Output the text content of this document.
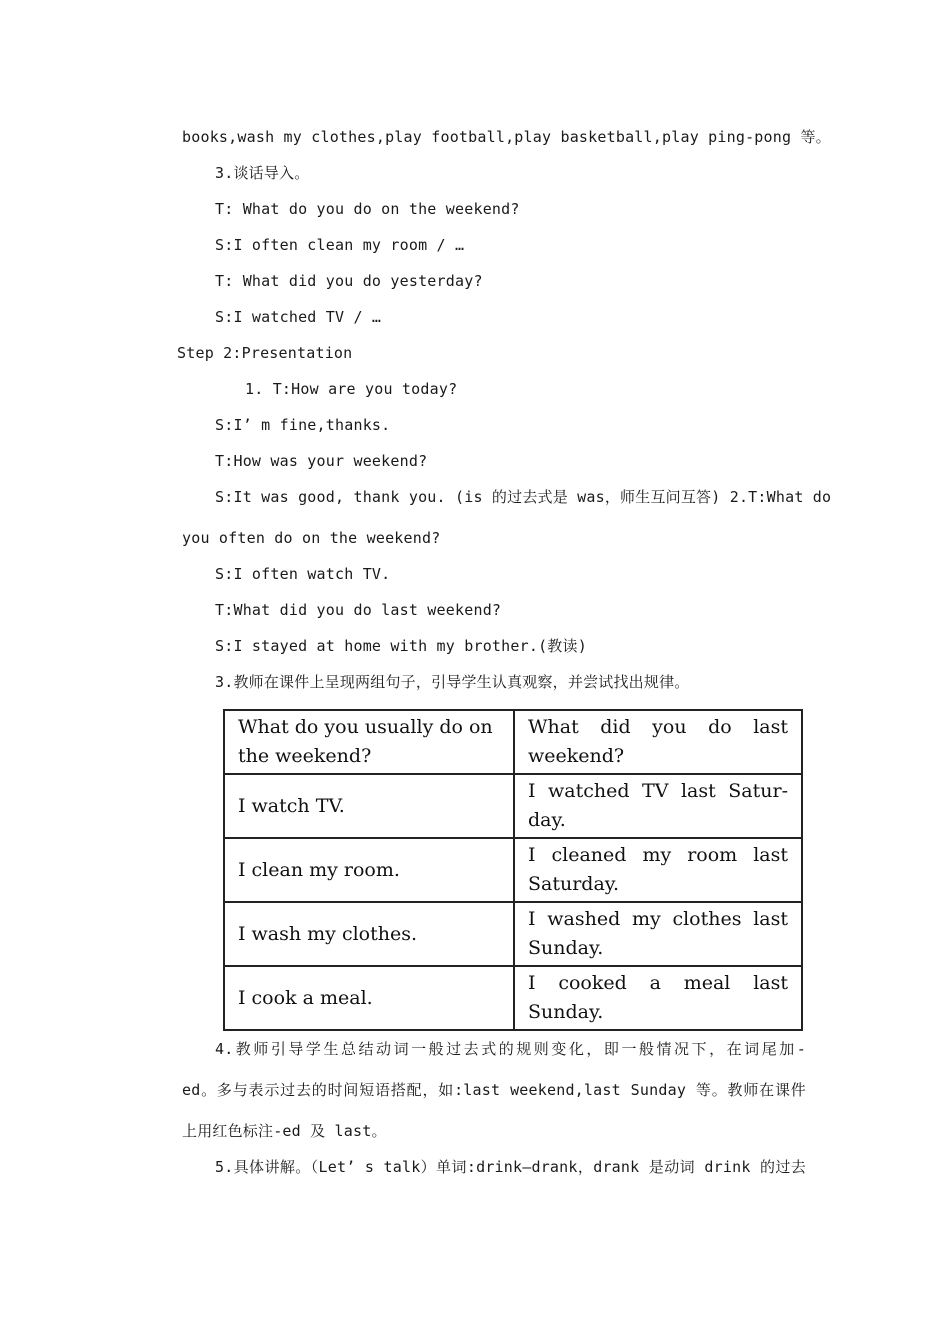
books,wash my clothes,play football,play basketball,play ping-pong 等。
3.谈话导入。
T: What do you do on the weekend?
S:I often clean my room / …
T: What did you do yesterday?
S:I watched TV / …
Step 2:Presentation
1. T:How are you today?
S:I’ m fine,thanks.
T:How was your weekend?
S:It was good, thank you. (is 的过去式是 was，师生互问互答) 2.T:What do
you often do on the weekend?
S:I often watch TV.
T:What did you do last weekend?
S:I stayed at home with my brother.(教读)
3.教师在课件上呈现两组句子，引导学生认真观察，并尝试找出规律。
What do you usually do on the weekend?	What did you do last weekend?
I watch TV.	I watched TV last Satur-day.
I clean my room.	I cleaned my room last Saturday.
I wash my clothes.	I washed my clothes last Sunday.
I cook a meal.	I cooked a meal last Sunday.
4.教师引导学生总结动词一般过去式的规则变化，即一般情况下，在词尾加-
ed。多与表示过去的时间短语搭配，如:last weekend,last Sunday 等。教师在课件
上用红色标注-ed 及 last。
5.具体讲解。（Let’ s talk）单词:drink—drank，drank 是动词 drink 的过去
